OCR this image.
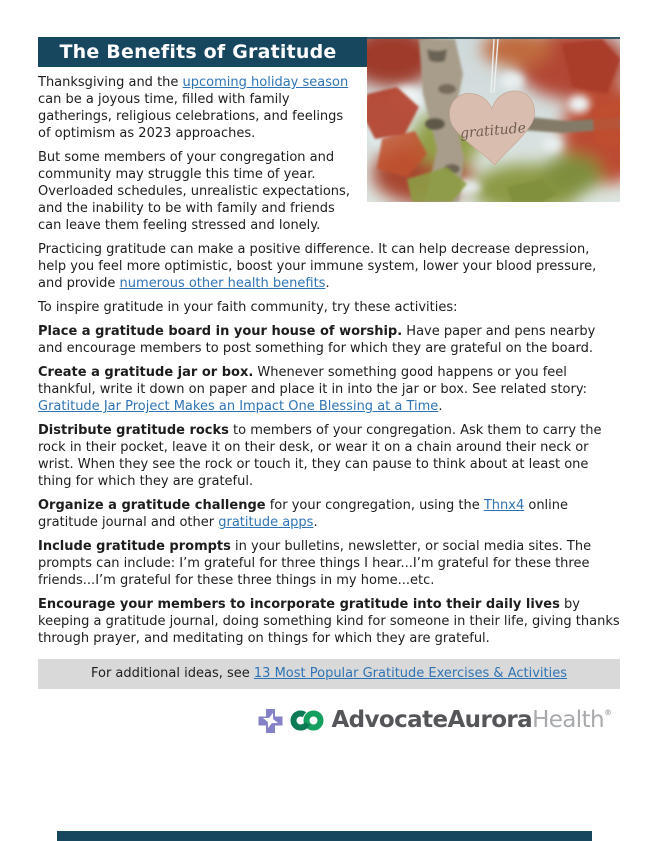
gratitude
The Benefits of Gratitude

Thanksgiving and the upcoming holiday season can be a joyous time, filled with family gatherings, religious celebrations, and feelings of optimism as 2023 approaches.

But some members of your congregation and community may struggle this time of year. Overloaded schedules, unrealistic expectations, and the inability to be with family and friends can leave them feeling stressed and lonely.

Practicing gratitude can make a positive difference. It can help decrease depression, help you feel more optimistic, boost your immune system, lower your blood pressure, and provide numerous other health benefits.

To inspire gratitude in your faith community, try these activities:

Place a gratitude board in your house of worship. Have paper and pens nearby and encourage members to post something for which they are grateful on the board.

Create a gratitude jar or box. Whenever something good happens or you feel thankful, write it down on paper and place it in into the jar or box. See related story: Gratitude Jar Project Makes an Impact One Blessing at a Time.

Distribute gratitude rocks to members of your congregation. Ask them to carry the rock in their pocket, leave it on their desk, or wear it on a chain around their neck or wrist. When they see the rock or touch it, they can pause to think about at least one thing for which they are grateful.

Organize a gratitude challenge for your congregation, using the Thnx4 online gratitude journal and other gratitude apps.

Include gratitude prompts in your bulletins, newsletter, or social media sites. The prompts can include: I’m grateful for three things I hear...I’m grateful for these three friends...I’m grateful for these three things in my home...etc.

Encourage your members to incorporate gratitude into their daily lives by keeping a gratitude journal, doing something kind for someone in their life, giving thanks through prayer, and meditating on things for which they are grateful.

For additional ideas, see 13 Most Popular Gratitude Exercises & Activities
AdvocateAuroraHealth®
